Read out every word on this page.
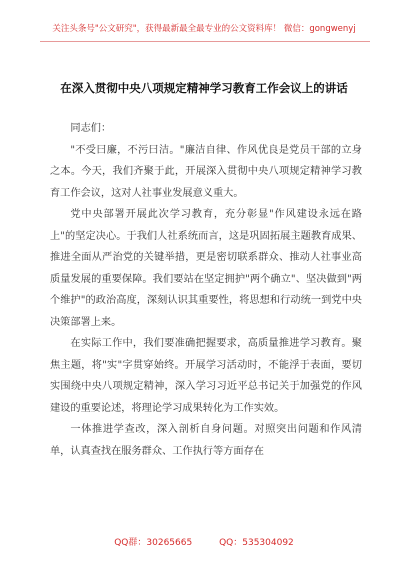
关注头条号"公文研究"，获得最新最全最专业的公文资料库！ 微信：gongwenyj
在深入贯彻中央八项规定精神学习教育工作会议上的讲话

同志们：

"不受曰廉，不污曰洁。"廉洁自律、作风优良是党员干部的立身之本。今天，我们齐聚于此，开展深入贯彻中央八项规定精神学习教育工作会议，这对人社事业发展意义重大。

党中央部署开展此次学习教育，充分彰显"作风建设永远在路上"的坚定决心。于我们人社系统而言，这是巩固拓展主题教育成果、推进全面从严治党的关键举措，更是密切联系群众、推动人社事业高质量发展的重要保障。我们要站在坚定拥护"两个确立"、坚决做到"两个维护"的政治高度，深刻认识其重要性，将思想和行动统一到党中央决策部署上来。

在实际工作中，我们要准确把握要求，高质量推进学习教育。聚焦主题，将"实"字贯穿始终。开展学习活动时，不能浮于表面，要切实围绕中央八项规定精神，深入学习习近平总书记关于加强党的作风建设的重要论述，将理论学习成果转化为工作实效。

一体推进学查改，深入剖析自身问题。对照突出问题和作风清单，认真查找在服务群众、工作执行等方面存在

QQ群：30265665	QQ：535304092
